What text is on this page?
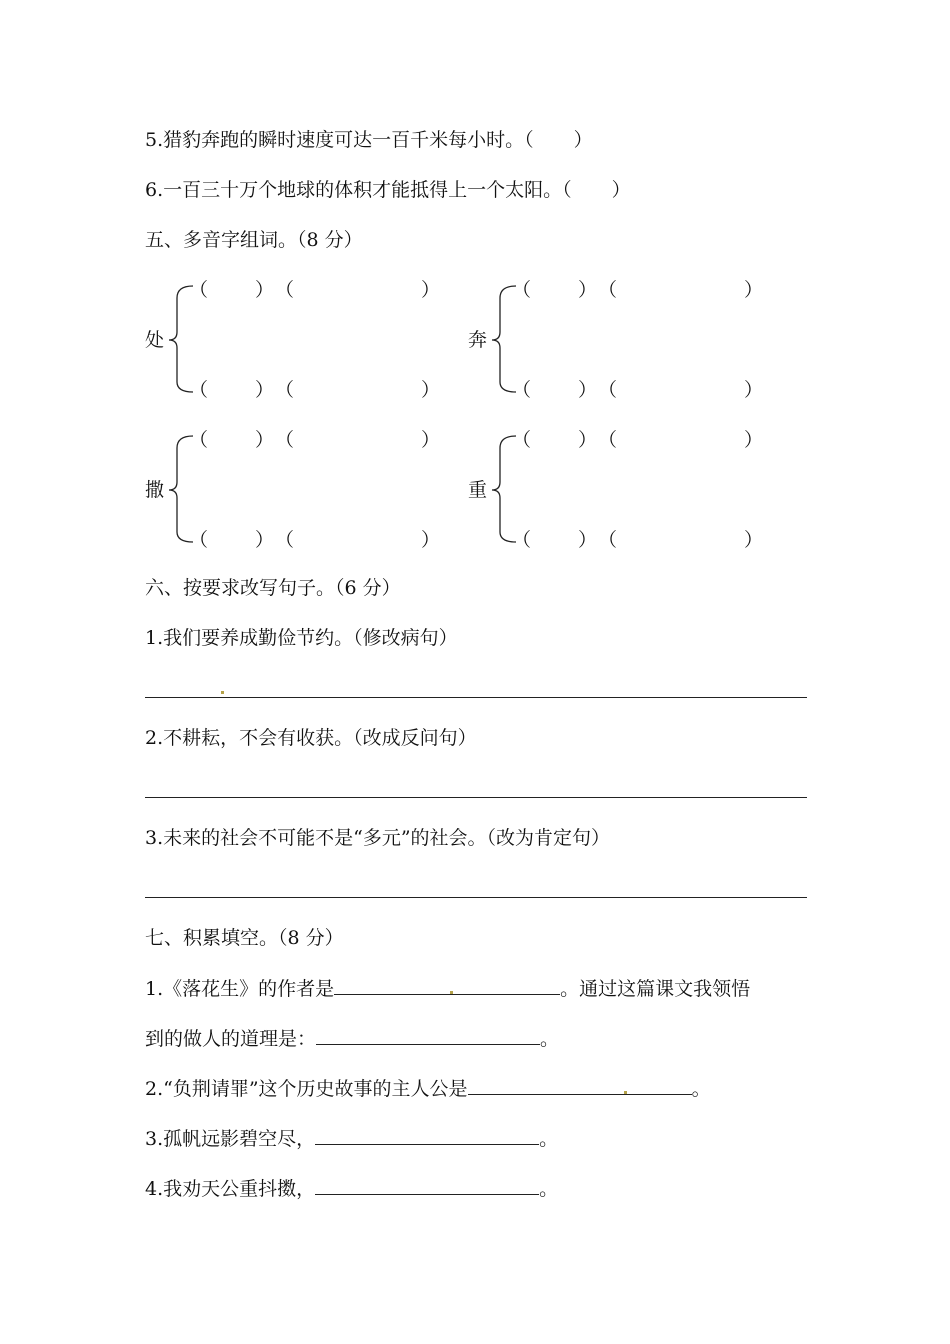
5.猎豹奔跑的瞬时速度可达一百千米每小时。（ ）
6.一百三十万个地球的体积才能抵得上一个太阳。（ ）
五、多音字组词。（8 分）
处
（ ） （	）
（ ） （	）
奔
（ ） （	）
（ ） （	）
撒
（ ） （	）
（ ） （	）
重
（ ） （	）
（ ） （	）
六、按要求改写句子。（6 分）
1.我们要养成勤俭节约。（修改病句）
2.不耕耘，不会有收获。（改成反问句）
3.未来的社会不可能不是“多元”的社会。（改为肯定句）
七、积累填空。（8 分）
1.《落花生》的作者是	。通过这篇课文我领悟
到的做人的道理是：	。
2.“负荆请罪”这个历史故事的主人公是	。
3.孤帆远影碧空尽，	。
4.我劝天公重抖擞，	。
